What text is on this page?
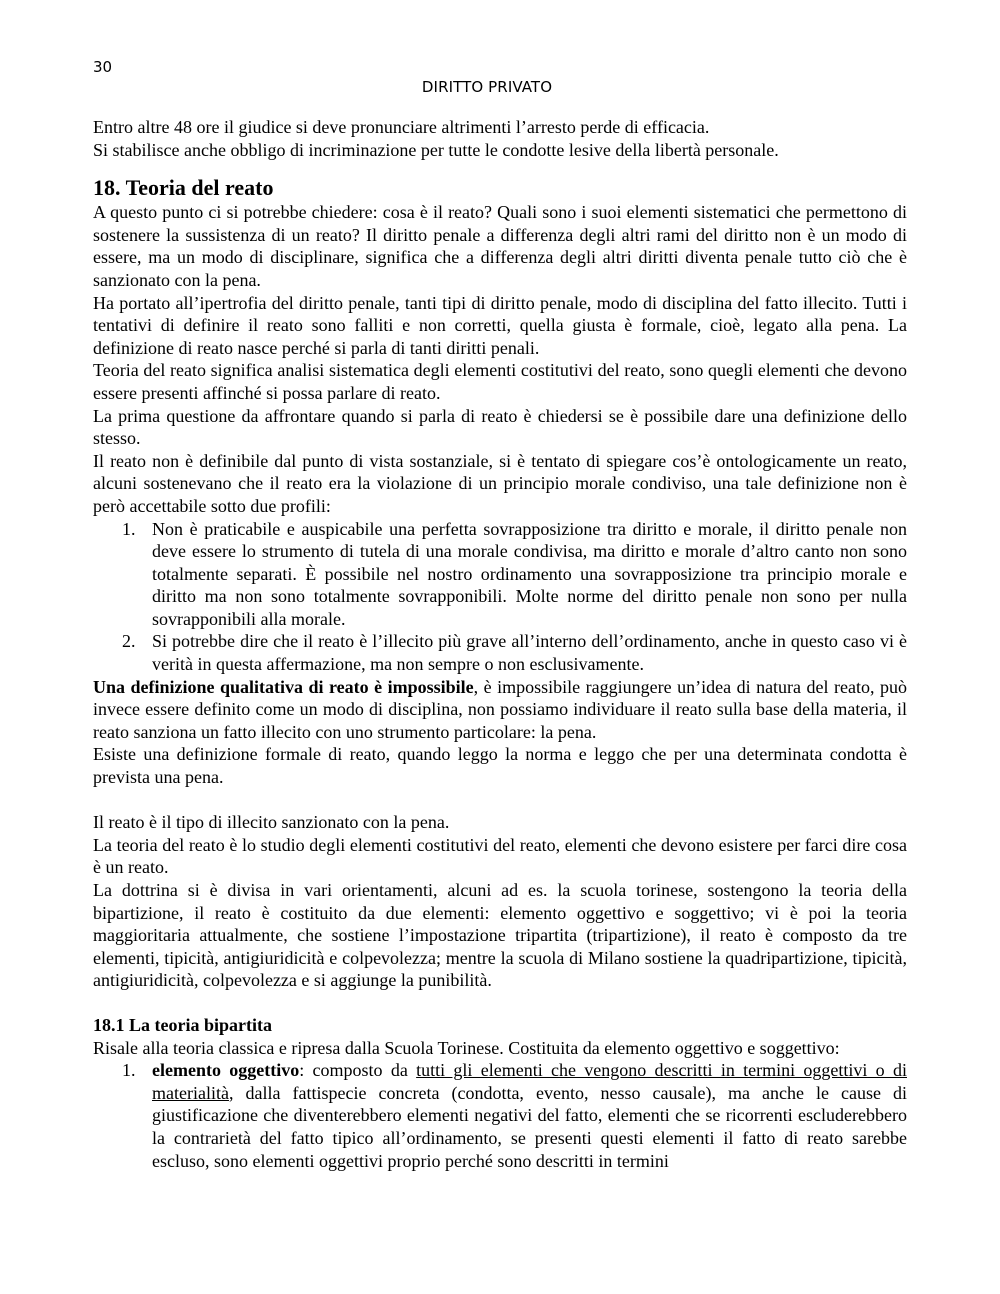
30
DIRITTO PRIVATO

Entro altre 48 ore il giudice si deve pronunciare altrimenti l’arresto perde di efficacia.

Si stabilisce anche obbligo di incriminazione per tutte le condotte lesive della libertà personale.

18. Teoria del reato

A questo punto ci si potrebbe chiedere: cosa è il reato? Quali sono i suoi elementi sistematici che permettono di sostenere la sussistenza di un reato? Il diritto penale a differenza degli altri rami del diritto non è un modo di essere, ma un modo di disciplinare, significa che a differenza degli altri diritti diventa penale tutto ciò che è sanzionato con la pena.

Ha portato all’ipertrofia del diritto penale, tanti tipi di diritto penale, modo di disciplina del fatto illecito. Tutti i tentativi di definire il reato sono falliti e non corretti, quella giusta è formale, cioè, legato alla pena. La definizione di reato nasce perché si parla di tanti diritti penali.

Teoria del reato significa analisi sistematica degli elementi costitutivi del reato, sono quegli elementi che devono essere presenti affinché si possa parlare di reato.

La prima questione da affrontare quando si parla di reato è chiedersi se è possibile dare una definizione dello stesso.

Il reato non è definibile dal punto di vista sostanziale, si è tentato di spiegare cos’è ontologicamente un reato, alcuni sostenevano che il reato era la violazione di un principio morale condiviso, una tale definizione non è però accettabile sotto due profili:

1. Non è praticabile e auspicabile una perfetta sovrapposizione tra diritto e morale, il diritto penale non deve essere lo strumento di tutela di una morale condivisa, ma diritto e morale d’altro canto non sono totalmente separati. È possibile nel nostro ordinamento una sovrapposizione tra principio morale e diritto ma non sono totalmente sovrapponibili. Molte norme del diritto penale non sono per nulla sovrapponibili alla morale.
2. Si potrebbe dire che il reato è l’illecito più grave all’interno dell’ordinamento, anche in questo caso vi è verità in questa affermazione, ma non sempre o non esclusivamente.

Una definizione qualitativa di reato è impossibile, è impossibile raggiungere un’idea di natura del reato, può invece essere definito come un modo di disciplina, non possiamo individuare il reato sulla base della materia, il reato sanziona un fatto illecito con uno strumento particolare: la pena.

Esiste una definizione formale di reato, quando leggo la norma e leggo che per una determinata condotta è prevista una pena.

Il reato è il tipo di illecito sanzionato con la pena.

La teoria del reato è lo studio degli elementi costitutivi del reato, elementi che devono esistere per farci dire cosa è un reato.

La dottrina si è divisa in vari orientamenti, alcuni ad es. la scuola torinese, sostengono la teoria della bipartizione, il reato è costituito da due elementi: elemento oggettivo e soggettivo; vi è poi la teoria maggioritaria attualmente, che sostiene l’impostazione tripartita (tripartizione), il reato è composto da tre elementi, tipicità, antigiuridicità e colpevolezza; mentre la scuola di Milano sostiene la quadripartizione, tipicità, antigiuridicità, colpevolezza e si aggiunge la punibilità.

18.1 La teoria bipartita

Risale alla teoria classica e ripresa dalla Scuola Torinese. Costituita da elemento oggettivo e soggettivo:

1. elemento oggettivo: composto da tutti gli elementi che vengono descritti in termini oggettivi o di materialità, dalla fattispecie concreta (condotta, evento, nesso causale), ma anche le cause di giustificazione che diventerebbero elementi negativi del fatto, elementi che se ricorrenti escluderebbero la contrarietà del fatto tipico all’ordinamento, se presenti questi elementi il fatto di reato sarebbe escluso, sono elementi oggettivi proprio perché sono descritti in termini
